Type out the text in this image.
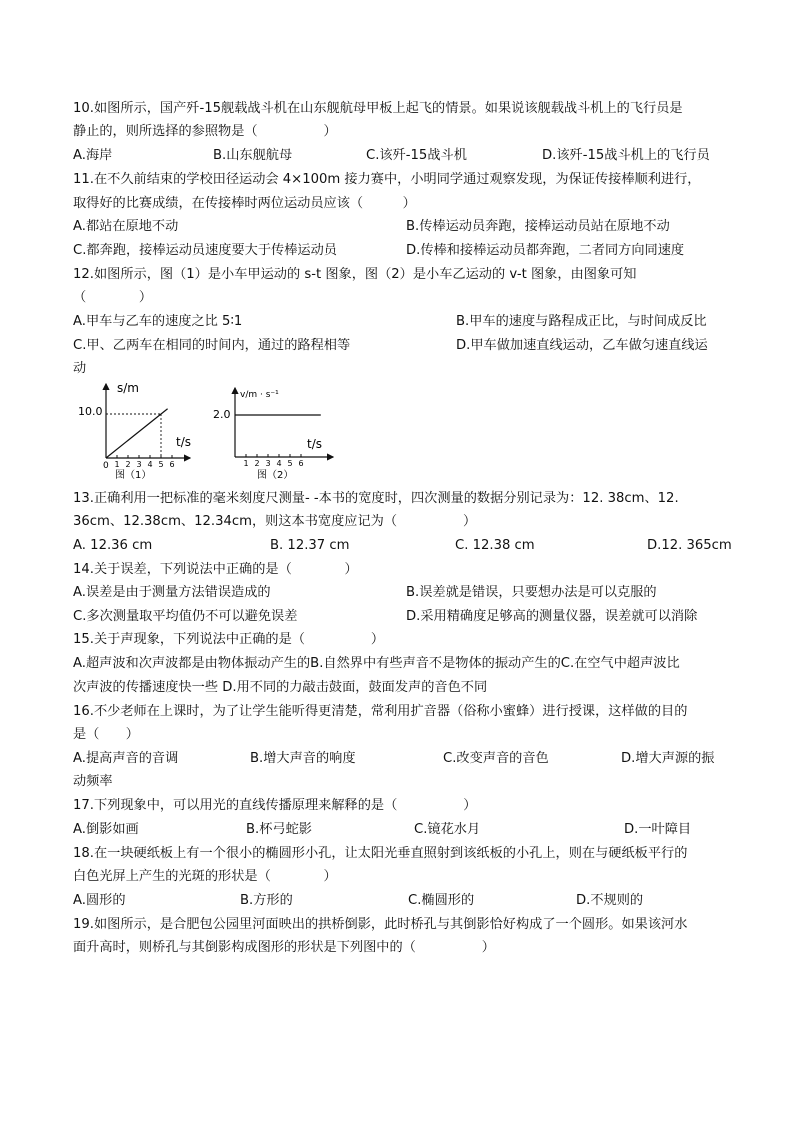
10.如图所示，国产歼-15舰载战斗机在山东舰航母甲板上起飞的情景。如果说该舰载战斗机上的飞行员是
静止的，则所选择的参照物是（　　　　　）
A.海岸	B.山东舰航母	C.该歼-15战斗机	D.该歼-15战斗机上的飞行员
11.在不久前结束的学校田径运动会 4×100m 接力赛中，小明同学通过观察发现，为保证传接棒顺利进行，
取得好的比赛成绩，在传接棒时两位运动员应该（　　　）
A.都站在原地不动	B.传棒运动员奔跑，接棒运动员站在原地不动
C.都奔跑，接棒运动员速度要大于传棒运动员	D.传棒和接棒运动员都奔跑，二者同方向同速度
12.如图所示，图（1）是小车甲运动的 s-t 图象，图（2）是小车乙运动的 v-t 图象，由图象可知
（　　　　）
A.甲车与乙车的速度之比 5∶1	B.甲车的速度与路程成正比，与时间成反比
C.甲、乙两车在相同的时间内，通过的路程相等	D.甲车做加速直线运动，乙车做匀速直线运
动
s/m
t/s
10.0
0 1 2 3 4 5 6
图（1）
v/m · s⁻¹
t/s
2.0
1 2 3 4 5 6
图（2）
13.正确利用一把标准的毫米刻度尺测量- -本书的宽度时，四次测量的数据分别记录为：12. 38cm、12.
36cm、12.38cm、12.34cm，则这本书宽度应记为（　　　　　）
A. 12.36 cm	B. 12.37 cm	C. 12.38 cm	D.12. 365cm
14.关于误差，下列说法中正确的是（　　　　）
A.误差是由于测量方法错误造成的	B.误差就是错误，只要想办法是可以克服的
C.多次测量取平均值仍不可以避免误差	D.采用精确度足够高的测量仪器，误差就可以消除
15.关于声现象，下列说法中正确的是（　　　　　）
A.超声波和次声波都是由物体振动产生的B.自然界中有些声音不是物体的振动产生的C.在空气中超声波比
次声波的传播速度快一些 D.用不同的力敲击鼓面，鼓面发声的音色不同
16.不少老师在上课时，为了让学生能听得更清楚，常利用扩音器（俗称小蜜蜂）进行授课，这样做的目的
是（　　）
A.提高声音的音调	B.增大声音的响度	C.改变声音的音色	D.增大声源的振
动频率
17.下列现象中，可以用光的直线传播原理来解释的是（　　　　　）
A.倒影如画	B.杯弓蛇影	C.镜花水月	D.一叶障目
18.在一块硬纸板上有一个很小的椭圆形小孔，让太阳光垂直照射到该纸板的小孔上，则在与硬纸板平行的
白色光屏上产生的光斑的形状是（　　　　）
A.圆形的	B.方形的	C.椭圆形的	D.不规则的
19.如图所示，是合肥包公园里河面映出的拱桥倒影，此时桥孔与其倒影恰好构成了一个圆形。如果该河水
面升高时，则桥孔与其倒影构成图形的形状是下列图中的（　　　　　）
